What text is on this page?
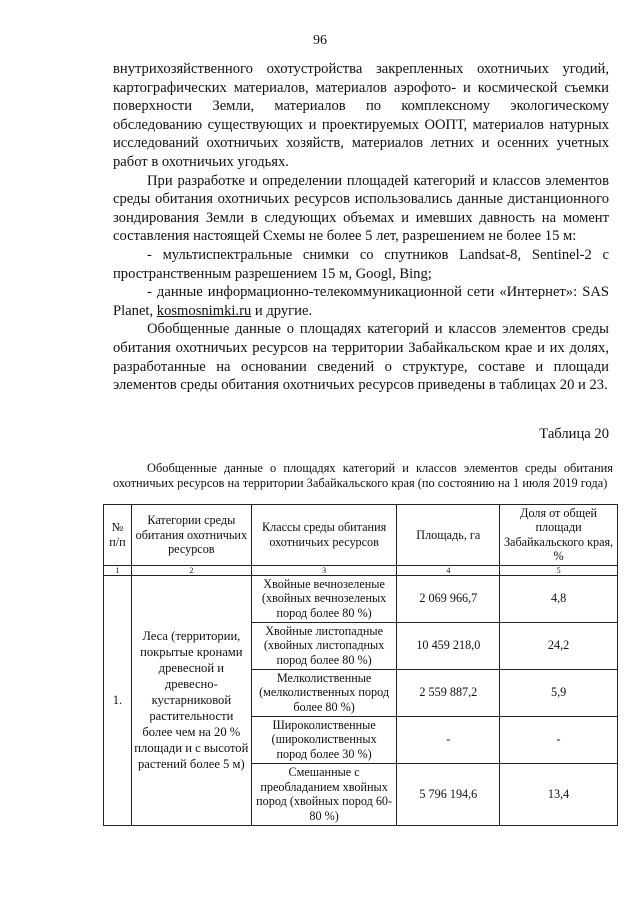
96

внутрихозяйственного охотустройства закрепленных охотничьих угодий, картографических материалов, материалов аэрофото- и космической съемки поверхности Земли, материалов по комплексному экологическому обследованию существующих и проектируемых ООПТ, материалов натурных исследований охотничьих хозяйств, материалов летних и осенних учетных работ в охотничьих угодьях.

При разработке и определении площадей категорий и классов элементов среды обитания охотничьих ресурсов использовались данные дистанционного зондирования Земли в следующих объемах и имевших давность на момент составления настоящей Схемы не более 5 лет, разрешением не более 15 м:

- мультиспектральные снимки со спутников Landsat-8, Sentinel-2 с пространственным разрешением 15 м, Googl, Bing;

- данные информационно-телекоммуникационной сети «Интернет»: SAS Planet, kosmosnimki.ru и другие.

Обобщенные данные о площадях категорий и классов элементов среды обитания охотничьих ресурсов на территории Забайкальском крае и их долях, разработанные на основании сведений о структуре, составе и площади элементов среды обитания охотничьих ресурсов приведены в таблицах 20 и 23.

Таблица 20
Обобщенные данные о площадях категорий и классов элементов среды обитания охотничьих ресурсов на территории Забайкальского края (по состоянию на 1 июля 2019 года)
№ п/п	Категории среды обитания охотничьих ресурсов	Классы среды обитания охотничьих ресурсов	Площадь, га	Доля от общей площади Забайкальского края, %
1	2	3	4	5
1.	Леса (территории, покрытые кронами древесной и древесно-кустарниковой растительности более чем на 20 % площади и с высотой растений более 5 м)	Хвойные вечнозеленые (хвойных вечнозеленых пород более 80 %)	2 069 966,7	4,8
		Хвойные листопадные (хвойных листопадных пород более 80 %)	10 459 218,0	24,2
		Мелколиственные (мелколиственных пород более 80 %)	2 559 887,2	5,9
		Широколиственные (широколиственных пород более 30 %)	-	-
		Смешанные с преобладанием хвойных пород (хвойных пород 60-80 %)	5 796 194,6	13,4
